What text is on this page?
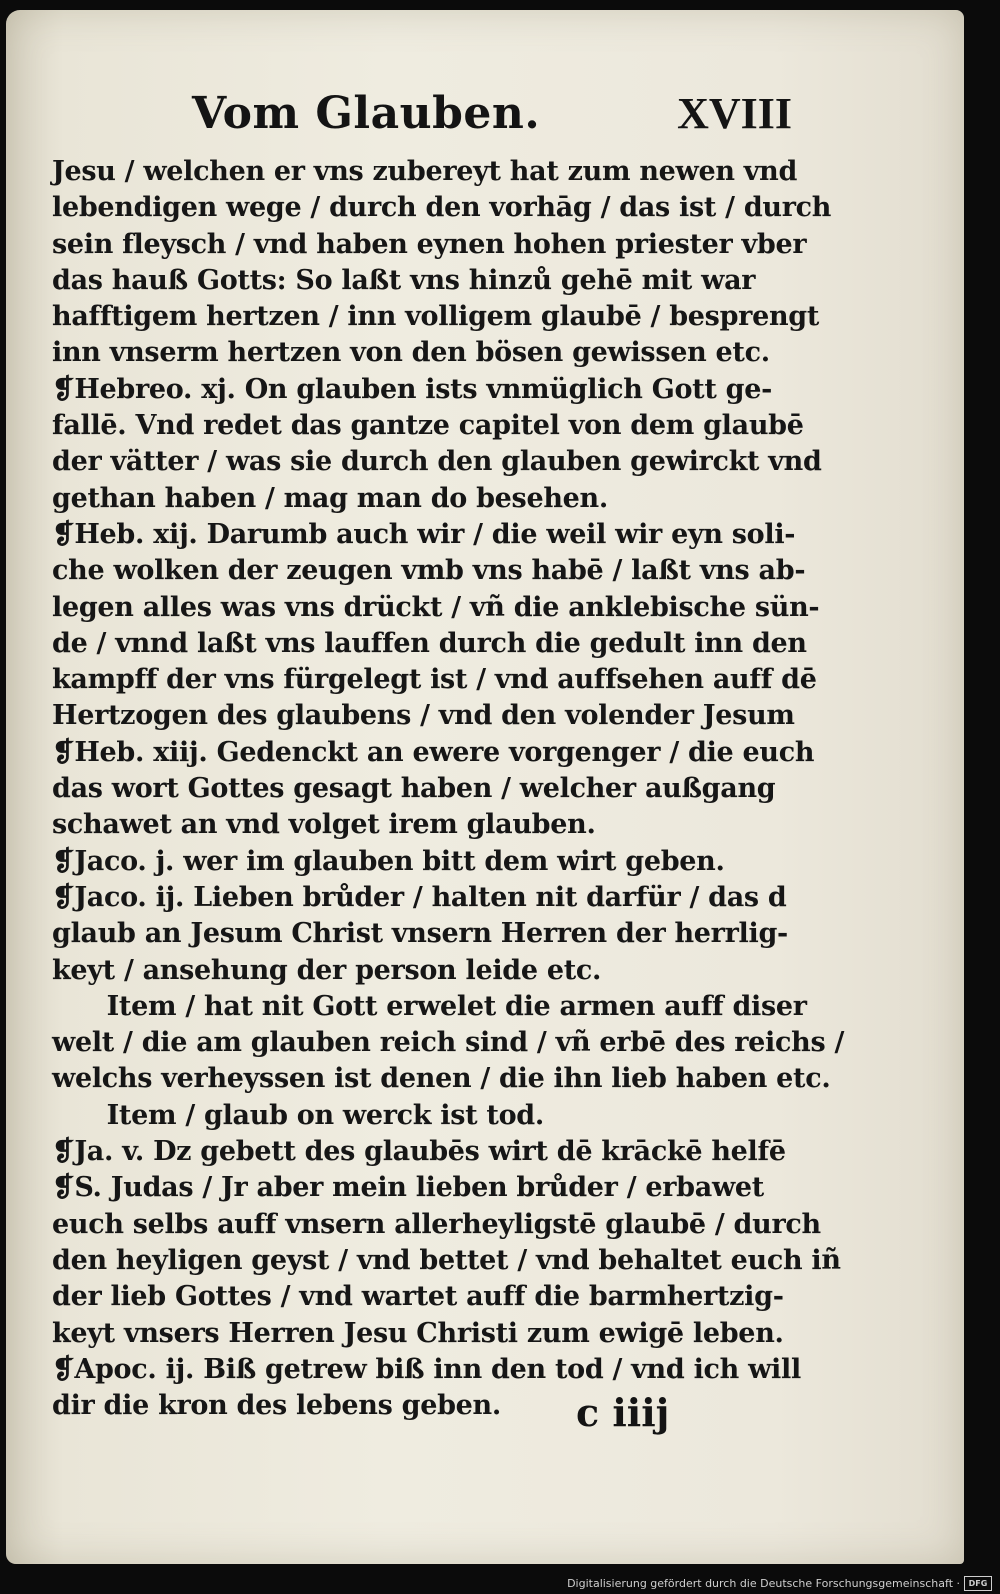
Vom Glauben.	XVIII
Jesu / welchen er vns zubereyt hat zum newen vnd
lebendigen wege / durch den vorhāg / das ist / durch
sein fleysch / vnd haben eynen hohen priester vber
das hauß Gotts: So laßt vns hinzů gehē mit war
hafftigem hertzen / inn volligem glaubē / besprengt
inn vnserm hertzen von den bösen gewissen etc.
❡Hebreo. xj. On glauben ists vnmüglich Gott ge-
fallē. Vnd redet das gantze capitel von dem glaubē
der vätter / was sie durch den glauben gewirckt vnd
gethan haben / mag man do besehen.
❡Heb. xij. Darumb auch wir / die weil wir eyn soli-
che wolken der zeugen vmb vns habē / laßt vns ab-
legen alles was vns drückt / vñ die anklebische sün-
de / vnnd laßt vns lauffen durch die gedult inn den
kampff der vns fürgelegt ist / vnd auffsehen auff dē
Hertzogen des glaubens / vnd den volender Jesum
❡Heb. xiij. Gedenckt an ewere vorgenger / die euch
das wort Gottes gesagt haben / welcher außgang
schawet an vnd volget irem glauben.
❡Jaco. j. wer im glauben bitt dem wirt geben.
❡Jaco. ij. Lieben brůder / halten nit darfür / das d
glaub an Jesum Christ vnsern Herren der herrlig-
keyt / ansehung der person leide etc.
Item / hat nit Gott erwelet die armen auff diser
welt / die am glauben reich sind / vñ erbē des reichs /
welchs verheyssen ist denen / die ihn lieb haben etc.
Item / glaub on werck ist tod.
❡Ja. v. Dz gebett des glaubēs wirt dē krāckē helfē
❡S. Judas / Jr aber mein lieben brůder / erbawet
euch selbs auff vnsern allerheyligstē glaubē / durch
den heyligen geyst / vnd bettet / vnd behaltet euch iñ
der lieb Gottes / vnd wartet auff die barmhertzig-
keyt vnsers Herren Jesu Christi zum ewigē leben.
❡Apoc. ij. Biß getrew biß inn den tod / vnd ich will
dir die kron des lebens geben.	c iiij
Digitalisierung gefördert durch die Deutsche Forschungsgemeinschaft ·	DFG
